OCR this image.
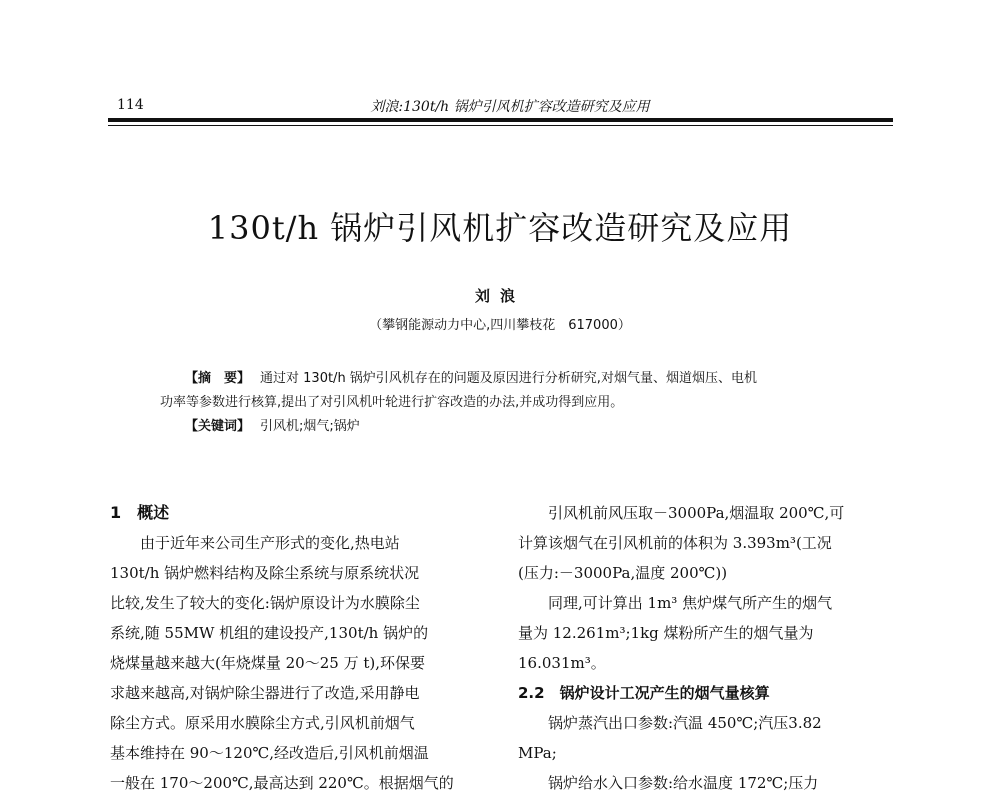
114	刘浪:130t/h 锅炉引风机扩容改造研究及应用
130t/h 锅炉引风机扩容改造研究及应用
刘浪
（攀钢能源动力中心,四川攀枝花　617000）
【摘　要】 通过对 130t/h 锅炉引风机存在的问题及原因进行分析研究,对烟气量、烟道烟压、电机
功率等参数进行核算,提出了对引风机叶轮进行扩容改造的办法,并成功得到应用。
【关键词】 引风机;烟气;锅炉
1　概述
由于近年来公司生产形式的变化,热电站
130t/h 锅炉燃料结构及除尘系统与原系统状况
比较,发生了较大的变化:锅炉原设计为水膜除尘
系统,随 55MW 机组的建设投产,130t/h 锅炉的
烧煤量越来越大(年烧煤量 20～25 万 t),环保要
求越来越高,对锅炉除尘器进行了改造,采用静电
除尘方式。原采用水膜除尘方式,引风机前烟气
基本维持在 90～120℃,经改造后,引风机前烟温
一般在 170～200℃,最高达到 220℃。根据烟气的
引风机前风压取－3000Pa,烟温取 200℃,可
计算该烟气在引风机前的体积为 3.393m³(工况
(压力:－3000Pa,温度 200℃))
同理,可计算出 1m³ 焦炉煤气所产生的烟气
量为 12.261m³;1kg 煤粉所产生的烟气量为
16.031m³。
2.2　锅炉设计工况产生的烟气量核算
锅炉蒸汽出口参数:汽温 450℃;汽压3.82
MPa;
锅炉给水入口参数:给水温度 172℃;压力
